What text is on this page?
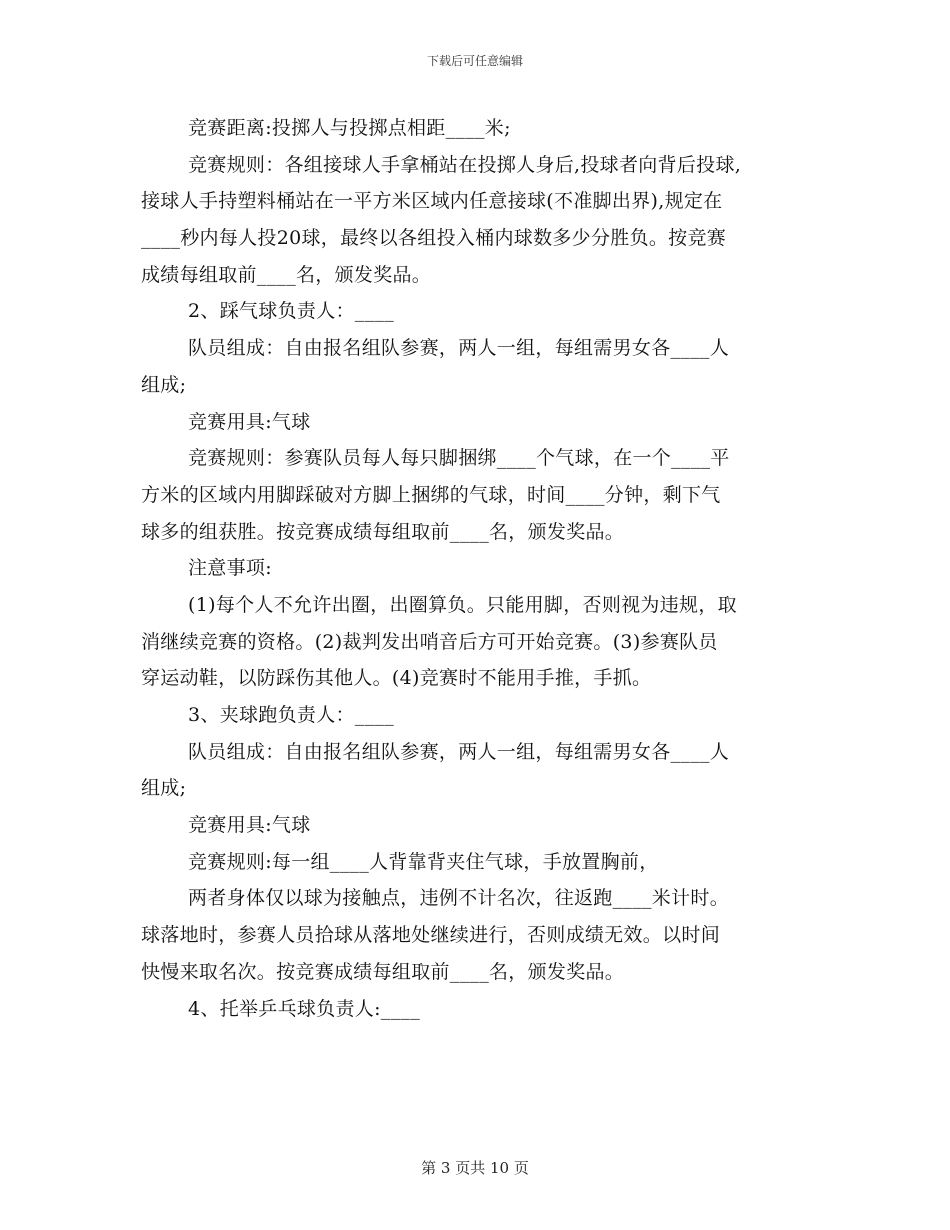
下载后可任意编辑
竞赛距离:投掷人与投掷点相距____米;
竞赛规则：各组接球人手拿桶站在投掷人身后,投球者向背后投球,
接球人手持塑料桶站在一平方米区域内任意接球(不准脚出界),规定在
____秒内每人投20球，最终以各组投入桶内球数多少分胜负。按竞赛
成绩每组取前____名，颁发奖品。
2、踩气球负责人：____
队员组成：自由报名组队参赛，两人一组，每组需男女各____人
组成;
竞赛用具:气球
竞赛规则：参赛队员每人每只脚捆绑____个气球，在一个____平
方米的区域内用脚踩破对方脚上捆绑的气球，时间____分钟，剩下气
球多的组获胜。按竞赛成绩每组取前____名，颁发奖品。
注意事项:
(1)每个人不允许出圈，出圈算负。只能用脚，否则视为违规，取
消继续竞赛的资格。(2)裁判发出哨音后方可开始竞赛。(3)参赛队员
穿运动鞋，以防踩伤其他人。(4)竞赛时不能用手推，手抓。
3、夹球跑负责人：____
队员组成：自由报名组队参赛，两人一组，每组需男女各____人
组成;
竞赛用具:气球
竞赛规则:每一组____人背靠背夹住气球，手放置胸前，
两者身体仅以球为接触点，违例不计名次，往返跑____米计时。
球落地时，参赛人员拾球从落地处继续进行，否则成绩无效。以时间
快慢来取名次。按竞赛成绩每组取前____名，颁发奖品。
4、托举乒乓球负责人:____
第 3 页共 10 页
